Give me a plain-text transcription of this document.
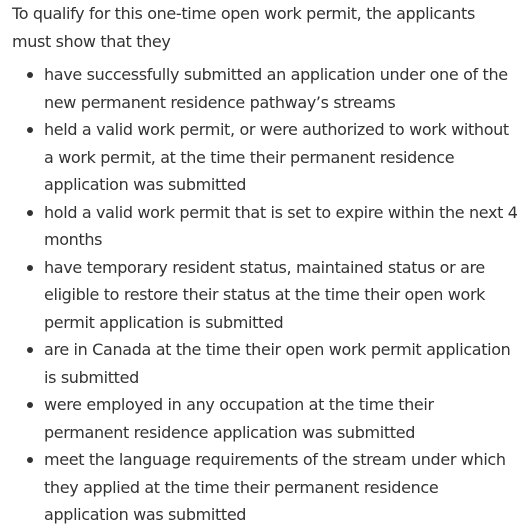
To qualify for this one-time open work permit, the applicants must show that they

have successfully submitted an application under one of the new permanent residence pathway’s streams
held a valid work permit, or were authorized to work without a work permit, at the time their permanent residence application was submitted
hold a valid work permit that is set to expire within the next 4 months
have temporary resident status, maintained status or are eligible to restore their status at the time their open work permit application is submitted
are in Canada at the time their open work permit application is submitted
were employed in any occupation at the time their permanent residence application was submitted
meet the language requirements of the stream under which they applied at the time their permanent residence application was submitted
